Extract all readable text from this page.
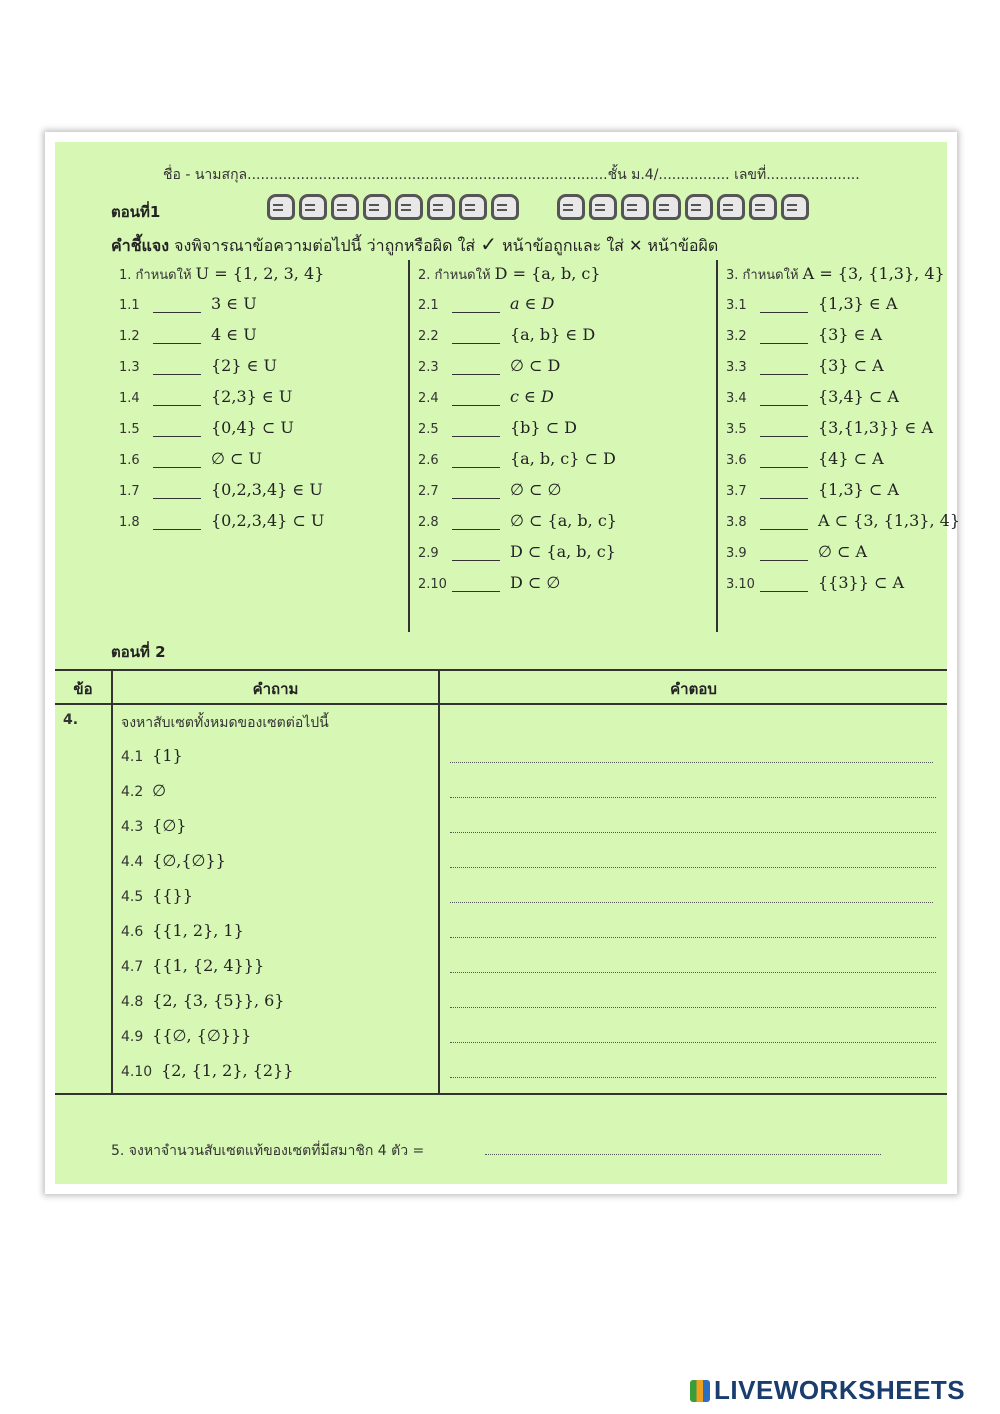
ชื่อ - นามสกุล.................................................................................ชั้น ม.4/................ เลขที่.....................
ตอนที่1
คำชี้แจง จงพิจารณาข้อความต่อไปนี้ ว่าถูกหรือผิด ใส่ ✓ หน้าข้อถูกและ ใส่ ✕ หน้าข้อผิด
1. กำหนดให้ U = {1, 2, 3, 4}
1.1	3 ∈ U
1.2	4 ∈ U
1.3	{2} ∈ U
1.4	{2,3} ∈ U
1.5	{0,4} ⊂ U
1.6	∅ ⊂ U
1.7	{0,2,3,4} ∈ U
1.8	{0,2,3,4} ⊂ U
2. กำหนดให้ D = {a, b, c}
2.1	a ∈ D
2.2	{a, b} ∈ D
2.3	∅ ⊂ D
2.4	c ∈ D
2.5	{b} ⊂ D
2.6	{a, b, c} ⊂ D
2.7	∅ ⊂ ∅
2.8	∅ ⊂ {a, b, c}
2.9	D ⊂ {a, b, c}
2.10	D ⊂ ∅
3. กำหนดให้ A = {3, {1,3}, 4}
3.1	{1,3} ∈ A
3.2	{3} ∈ A
3.3	{3} ⊂ A
3.4	{3,4} ⊂ A
3.5	{3,{1,3}} ∈ A
3.6	{4} ⊂ A
3.7	{1,3} ⊂ A
3.8	A ⊂ {3, {1,3}, 4}
3.9	∅ ⊂ A
3.10	{{3}} ⊂ A
ตอนที่ 2
ข้อ	คำถาม	คำตอบ
4.	จงหาสับเซตทั้งหมดของเซตต่อไปนี้
4.1 {1}
4.2 ∅
4.3 {∅}
4.4 {∅,{∅}}
4.5 {{}}
4.6 {{1, 2}, 1}
4.7 {{1, {2, 4}}}
4.8 {2, {3, {5}}, 6}
4.9 {{∅, {∅}}}
4.10 {2, {1, 2}, {2}}
5. จงหาจำนวนสับเซตแท้ของเซตที่มีสมาชิก 4 ตัว =
LIVEWORKSHEETS
